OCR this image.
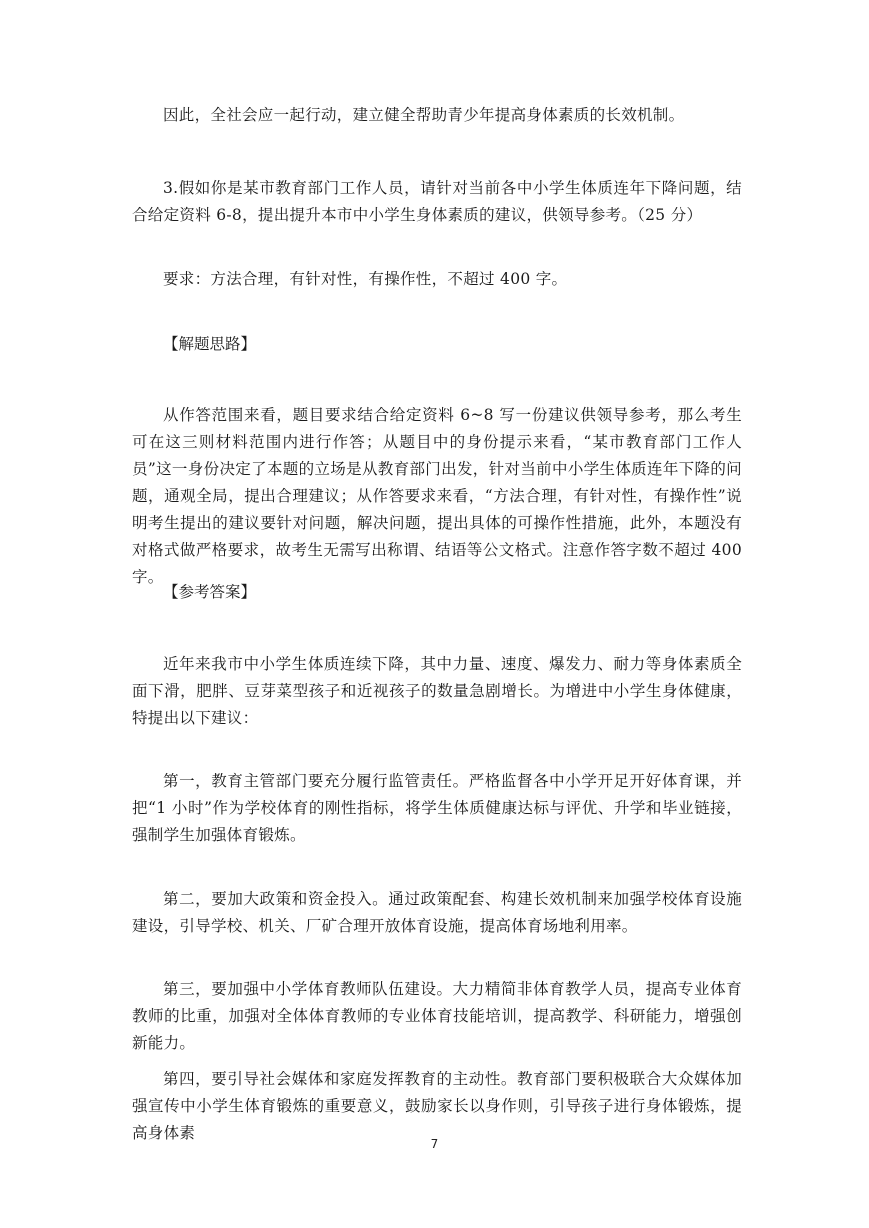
因此，全社会应一起行动，建立健全帮助青少年提高身体素质的长效机制。

3.假如你是某市教育部门工作人员，请针对当前各中小学生体质连年下降问题，结合给定资料 6-8，提出提升本市中小学生身体素质的建议，供领导参考。（25 分）

要求：方法合理，有针对性，有操作性，不超过 400 字。

【解题思路】

从作答范围来看，题目要求结合给定资料 6~8 写一份建议供领导参考，那么考生可在这三则材料范围内进行作答；从题目中的身份提示来看，“某市教育部门工作人员”这一身份决定了本题的立场是从教育部门出发，针对当前中小学生体质连年下降的问题，通观全局，提出合理建议；从作答要求来看，“方法合理，有针对性，有操作性”说明考生提出的建议要针对问题，解决问题，提出具体的可操作性措施，此外，本题没有对格式做严格要求，故考生无需写出称谓、结语等公文格式。注意作答字数不超过 400 字。

【参考答案】

近年来我市中小学生体质连续下降，其中力量、速度、爆发力、耐力等身体素质全面下滑，肥胖、豆芽菜型孩子和近视孩子的数量急剧增长。为增进中小学生身体健康，特提出以下建议：

第一，教育主管部门要充分履行监管责任。严格监督各中小学开足开好体育课，并把“1 小时”作为学校体育的刚性指标，将学生体质健康达标与评优、升学和毕业链接，强制学生加强体育锻炼。

第二，要加大政策和资金投入。通过政策配套、构建长效机制来加强学校体育设施建设，引导学校、机关、厂矿合理开放体育设施，提高体育场地利用率。

第三，要加强中小学体育教师队伍建设。大力精简非体育教学人员，提高专业体育教师的比重，加强对全体体育教师的专业体育技能培训，提高教学、科研能力，增强创新能力。

第四，要引导社会媒体和家庭发挥教育的主动性。教育部门要积极联合大众媒体加强宣传中小学生体育锻炼的重要意义，鼓励家长以身作则，引导孩子进行身体锻炼，提高身体素

7
